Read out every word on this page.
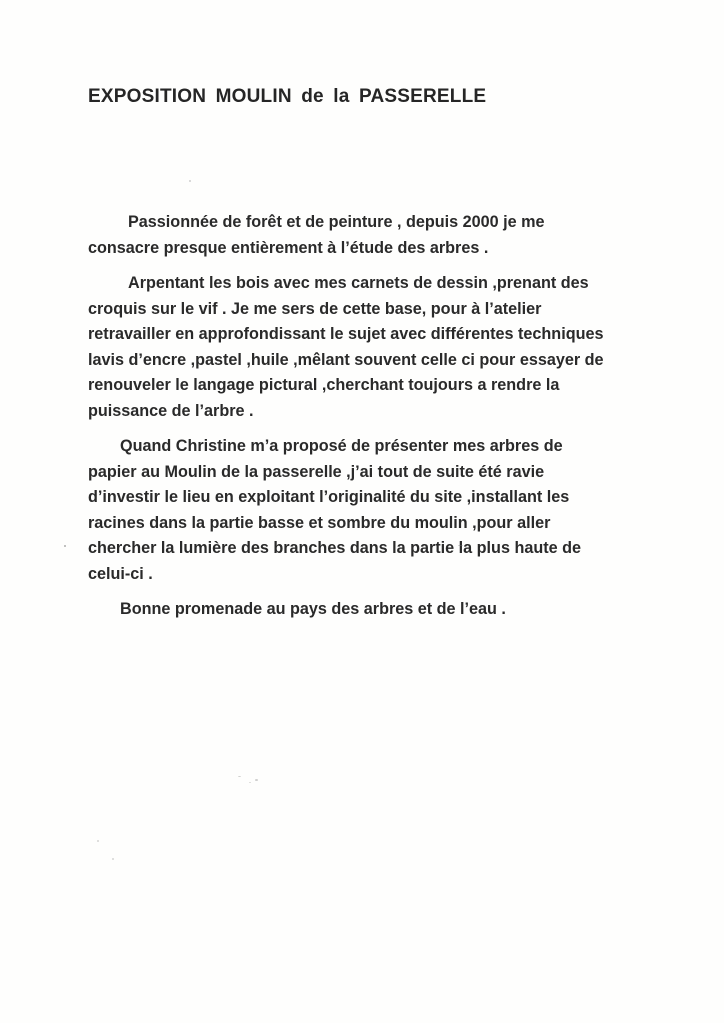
EXPOSITION MOULIN de la PASSERELLE

Passionnée de forêt et de peinture , depuis 2000 je me
consacre presque entièrement à l’étude des arbres .

Arpentant les bois avec mes carnets de dessin ,prenant des
croquis sur le vif . Je me sers de cette base, pour à l’atelier
retravailler en approfondissant le sujet avec différentes techniques
lavis d’encre ,pastel ,huile ,mêlant souvent celle ci pour essayer de
renouveler le langage pictural ,cherchant toujours a rendre la
puissance de l’arbre .

Quand Christine m’a proposé de présenter mes arbres de
papier au Moulin de la passerelle ,j’ai tout de suite été ravie
d’investir le lieu en exploitant l’originalité du site ,installant les
racines dans la partie basse et sombre du moulin ,pour aller
chercher la lumière des branches dans la partie la plus haute de
celui-ci .

Bonne promenade au pays des arbres et de l’eau .
